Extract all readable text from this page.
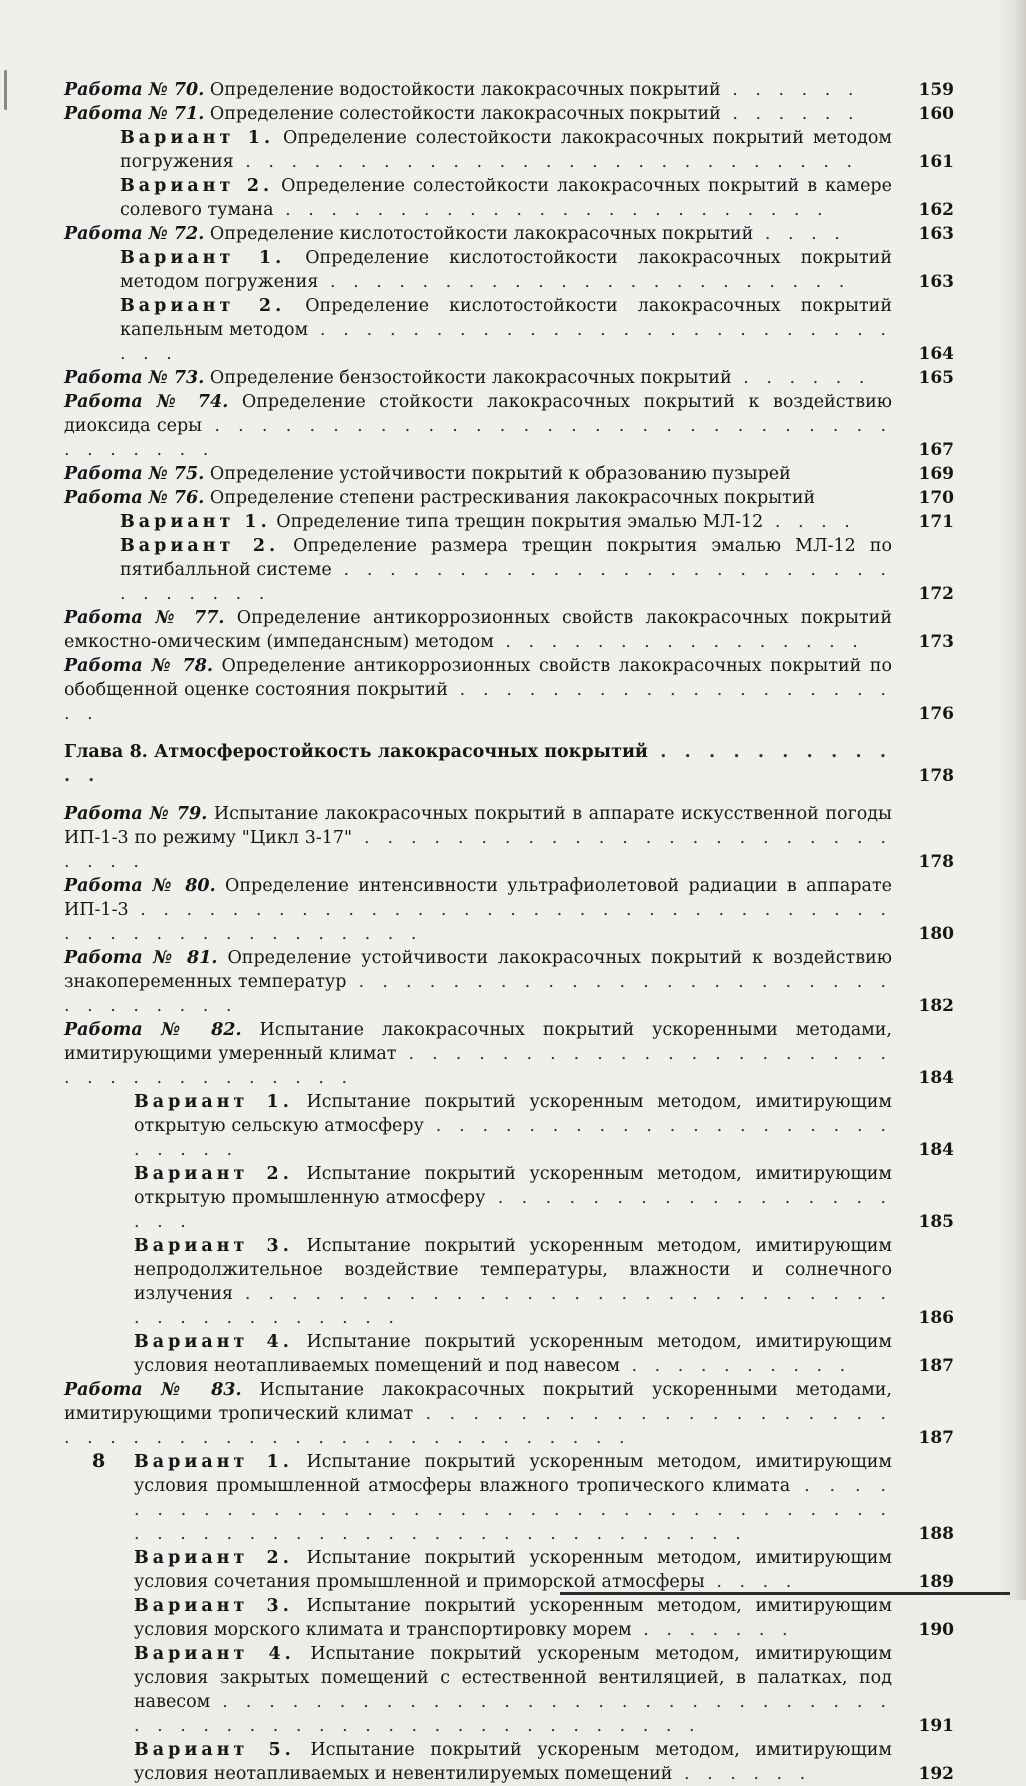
Работа № 70. Определение водостойкости лакокрасочных покрытий . . . . . .	159
Работа № 71. Определение солестойкости лакокрасочных покрытий . . . . . .	160
Вариант 1. Определение солестойкости лакокрасочных покрытий методом погружения . . . . . . . . . . . . . . . . . . . . . . . . . . .	161
Вариант 2. Определение солестойкости лакокрасочных покрытий в камере солевого тумана . . . . . . . . . . . . . . . . . . . . . . . .	162
Работа № 72. Определение кислотостойкости лакокрасочных покрытий . . . .	163
Вариант 1. Определение кислотостойкости лакокрасочных покрытий методом погружения . . . . . . . . . . . . . . . . . . . . . . .	163
Вариант 2. Определение кислотостойкости лакокрасочных покрытий капельным методом . . . . . . . . . . . . . . . . . . . . . . . . . . . .	164
Работа № 73. Определение бензостойкости лакокрасочных покрытий . . . . . .	165
Работа № 74. Определение стойкости лакокрасочных покрытий к воздействию диоксида серы . . . . . . . . . . . . . . . . . . . . . . . . . . . . . . . . . . . .	167
Работа № 75. Определение устойчивости покрытий к образованию пузырей	169
Работа № 76. Определение степени растрескивания лакокрасочных покрытий	170
Вариант 1. Определение типа трещин покрытия эмалью МЛ-12 . . . .	171
Вариант 2. Определение размера трещин покрытия эмалью МЛ-12 по пятибалльной системе . . . . . . . . . . . . . . . . . . . . . . . . . . . . . . .	172
Работа № 77. Определение антикоррозионных свойств лакокрасочных покрытий емкостно-омическим (импедансным) методом . . . . . . . . . . . . . . . .	173
Работа № 78. Определение антикоррозионных свойств лакокрасочных покрытий по обобщенной оценке состояния покрытий . . . . . . . . . . . . . . . . . . . . .	176
Глава 8. Атмосферостойкость лакокрасочных покрытий . . . . . . . . . . . .	178
Работа № 79. Испытание лакокрасочных покрытий в аппарате искусственной погоды ИП-1-3 по режиму "Цикл 3-17" . . . . . . . . . . . . . . . . . . . . . . . . . . .	178
Работа № 80. Определение интенсивности ультрафиолетовой радиации в аппарате ИП-1-3 . . . . . . . . . . . . . . . . . . . . . . . . . . . . . . . . . . . . . . . . . . . . . . . . .	180
Работа № 81. Определение устойчивости лакокрасочных покрытий к воздействию знакопеременных температур . . . . . . . . . . . . . . . . . . . . . . . . . . . . . . .	182
Работа № 82. Испытание лакокрасочных покрытий ускоренными методами, имитирующими умеренный климат . . . . . . . . . . . . . . . . . . . . . . . . . . . . . . . . . .	184
Вариант 1. Испытание покрытий ускоренным методом, имитирующим открытую сельскую атмосферу . . . . . . . . . . . . . . . . . . . . . . . . .	184
Вариант 2. Испытание покрытий ускоренным методом, имитирующим открытую промышленную атмосферу . . . . . . . . . . . . . . . . . . . .	185
Вариант 3. Испытание покрытий ускоренным методом, имитирующим непродолжительное воздействие температуры, влажности и солнечного излучения . . . . . . . . . . . . . . . . . . . . . . . . . . . . . . . . . . . . . . . .	186
Вариант 4. Испытание покрытий ускоренным методом, имитирующим условия неотапливаемых помещений и под навесом . . . . . . . . . .	187
Работа № 83. Испытание лакокрасочных покрытий ускоренными методами, имитирующими тропический климат . . . . . . . . . . . . . . . . . . . . . . . . . . . . . . . . . . . . . . . . . . . . .	187
Вариант 1. Испытание покрытий ускоренным методом, имитирующим условия промышленной атмосферы влажного тропического климата . . . . . . . . . . . . . . . . . . . . . . . . . . . . . . . . . . . . . . . . . . . . . . . . . . . . . . . . . . . . . . . .	188
Вариант 2. Испытание покрытий ускоренным методом, имитирующим условия сочетания промышленной и приморской атмосферы . . . .	189
Вариант 3. Испытание покрытий ускоренным методом, имитирующим условия морского климата и транспортировку морем . . . . . . .	190
Вариант 4. Испытание покрытий ускореным методом, имитирующим условия закрытых помещений с естественной вентиляцией, в палатках, под навесом . . . . . . . . . . . . . . . . . . . . . . . . . . . . . . . . . . . . . . . . . . . . . . . . . . . . . .	191
Вариант 5. Испытание покрытий ускореным методом, имитирующим условия неотапливаемых и невентилируемых помещений . . . . . .	192
8
